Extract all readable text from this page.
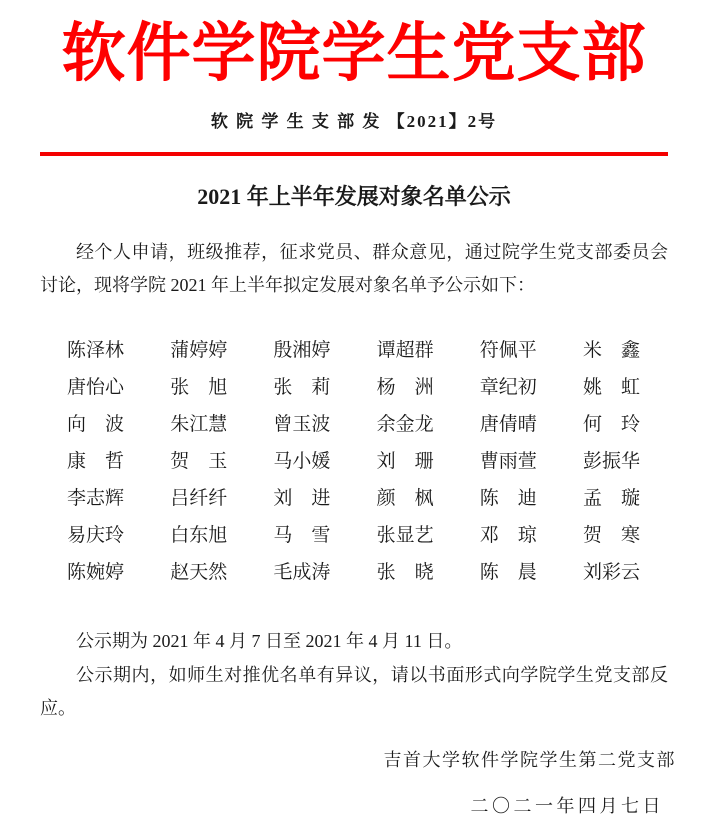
软件学院学生党支部
软 院 学 生 支 部 发 【2021】2号
2021 年上半年发展对象名单公示

经个人申请，班级推荐，征求党员、群众意见，通过院学生党支部委员会讨论，现将学院 2021 年上半年拟定发展对象名单予公示如下：

陈泽林 蒲婷婷 殷湘婷 谭超群 符佩平 米　鑫
唐怡心 张　旭 张　莉 杨　洲 章纪初 姚　虹
向　波 朱江慧 曾玉波 余金龙 唐倩晴 何　玲
康　哲 贺　玉 马小媛 刘　珊 曹雨萱 彭振华
李志辉 吕纤纤 刘　进 颜　枫 陈　迪 孟　璇
易庆玲 白东旭 马　雪 张显艺 邓　琼 贺　寒
陈婉婷 赵天然 毛成涛 张　晓 陈　晨 刘彩云

公示期为 2021 年 4 月 7 日至 2021 年 4 月 11 日。

公示期内，如师生对推优名单有异议，请以书面形式向学院学生党支部反应。

吉首大学软件学院学生第二党支部
二〇二一年四月七日
